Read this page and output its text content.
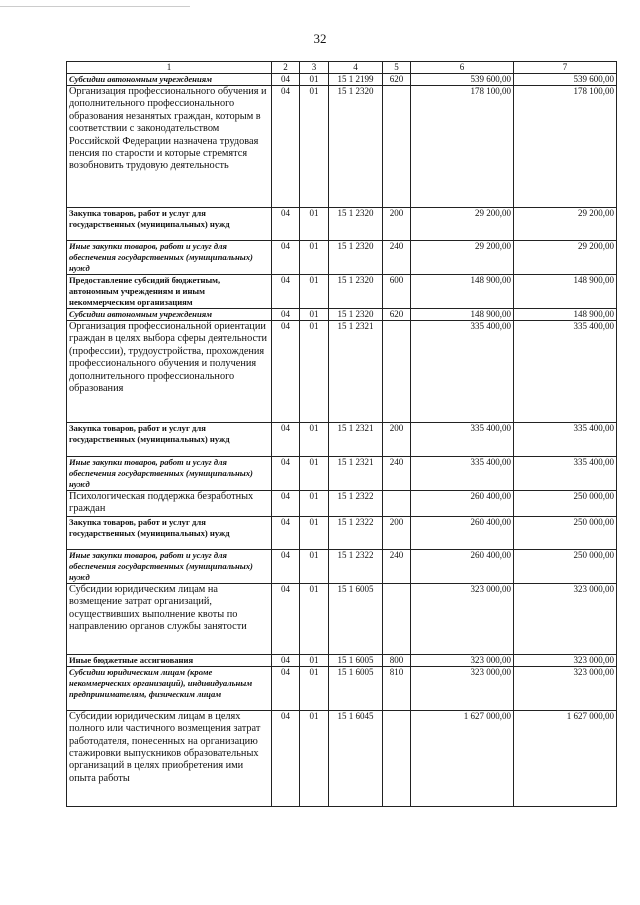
32
1	2	3	4	5	6	7
Субсидии автономным учреждениям	04	01	15 1 2199	620	539 600,00	539 600,00
Организация профессионального обучения и дополнительного профессионального образования незанятых граждан, которым в соответствии с законодательством Российской Федерации назначена трудовая пенсия по старости и которые стремятся возобновить трудовую деятельность	04	01	15 1 2320		178 100,00	178 100,00
Закупка товаров, работ и услуг для государственных (муниципальных) нужд	04	01	15 1 2320	200	29 200,00	29 200,00
Иные закупки товаров, работ и услуг для обеспечения государственных (муниципальных) нужд	04	01	15 1 2320	240	29 200,00	29 200,00
Предоставление субсидий бюджетным, автономным учреждениям и иным некоммерческим организациям	04	01	15 1 2320	600	148 900,00	148 900,00
Субсидии автономным учреждениям	04	01	15 1 2320	620	148 900,00	148 900,00
Организация профессиональной ориентации граждан в целях выбора сферы деятельности (профессии), трудоустройства, прохождения профессионального обучения и получения дополнительного профессионального образования	04	01	15 1 2321		335 400,00	335 400,00
Закупка товаров, работ и услуг для государственных (муниципальных) нужд	04	01	15 1 2321	200	335 400,00	335 400,00
Иные закупки товаров, работ и услуг для обеспечения государственных (муниципальных) нужд	04	01	15 1 2321	240	335 400,00	335 400,00
Психологическая поддержка безработных граждан	04	01	15 1 2322		260 400,00	250 000,00
Закупка товаров, работ и услуг для государственных (муниципальных) нужд	04	01	15 1 2322	200	260 400,00	250 000,00
Иные закупки товаров, работ и услуг для обеспечения государственных (муниципальных) нужд	04	01	15 1 2322	240	260 400,00	250 000,00
Субсидии юридическим лицам на возмещение затрат организаций, осуществивших выполнение квоты по направлению органов службы занятости	04	01	15 1 6005		323 000,00	323 000,00
Иные бюджетные ассигнования	04	01	15 1 6005	800	323 000,00	323 000,00
Субсидии юридическим лицам (кроме некоммерческих организаций), индивидуальным предпринимателям, физическим лицам	04	01	15 1 6005	810	323 000,00	323 000,00
Субсидии юридическим лицам в целях полного или частичного возмещения затрат работодателя, понесенных на организацию стажировки выпускников образовательных организаций в целях приобретения ими опыта работы	04	01	15 1 6045		1 627 000,00	1 627 000,00
